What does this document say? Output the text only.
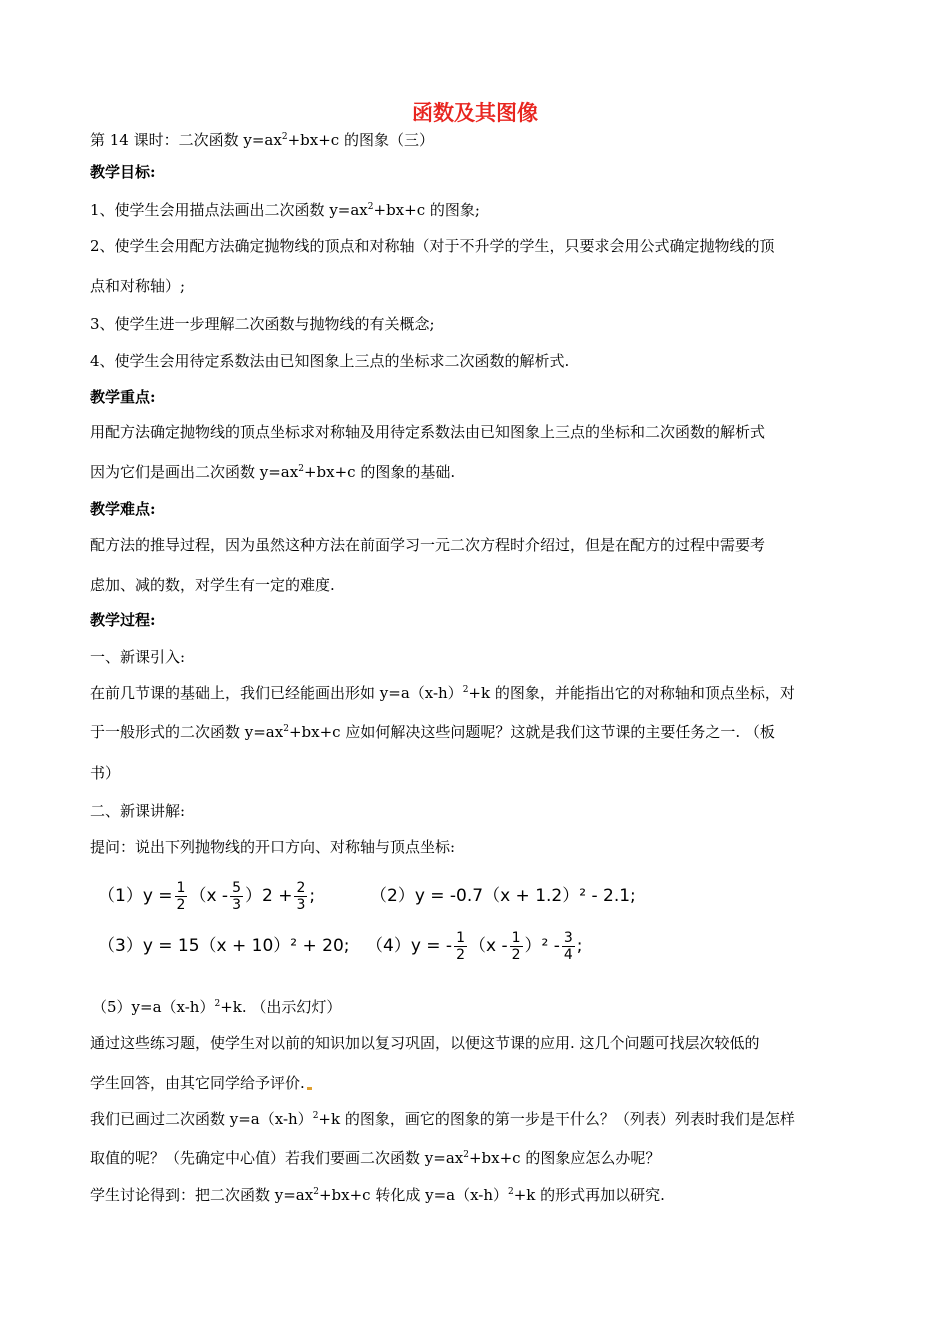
函数及其图像
第 14 课时：二次函数 $y=ax^2+bx+c$ 的图象（三）
教学目标:
1、使学生会用描点法画出二次函数 $y=ax^2+bx+c$ 的图象;
2、使学生会用配方法确定抛物线的顶点和对称轴（对于不升学的学生，只要求会用公式确定抛物线的顶
点和对称轴）;
3、使学生进一步理解二次函数与抛物线的有关概念;
4、使学生会用待定系数法由已知图象上三点的坐标求二次函数的解析式.
教学重点:
用配方法确定抛物线的顶点坐标求对称轴及用待定系数法由已知图象上三点的坐标和二次函数的解析式
因为它们是画出二次函数 $y=ax^2+bx+c$ 的图象的基础.
教学难点:
配方法的推导过程，因为虽然这种方法在前面学习一元二次方程时介绍过，但是在配方的过程中需要考
虑加、减的数，对学生有一定的难度.
教学过程:
一、新课引入:
在前几节课的基础上，我们已经能画出形如 $y=a(x-h)^2+k$ 的图象，并能指出它的对称轴和顶点坐标，对
于一般形式的二次函数 $y=ax^2+bx+c$ 应如何解决这些问题呢？这就是我们这节课的主要任务之一. （板
书）
二、新课讲解:
提问：说出下列抛物线的开口方向、对称轴与顶点坐标:
$(1)y = \frac{1}{2} (x - \frac{5}{3} )2 + \frac{2}{3}$ ;	（2）y = -0.7（x + 1.2）² - 2.1;
（3）y = 15（x + 10）² + 20; （4）y = - $\frac{1}{2} (x - \frac{1}{2} )^2 - \frac{3}{4}$ ;
$(5)y=a(x-h)^2+k$. （出示幻灯）
通过这些练习题，使学生对以前的知识加以复习巩固，以便这节课的应用. 这几个问题可找层次较低的
学生回答，由其它同学给予评价.
我们已画过二次函数 $y=a(x-h)^2+k$ 的图象，画它的图象的第一步是干什么？（列表）列表时我们是怎样
取值的呢？（先确定中心值）若我们要画二次函数 $y=ax^2+bx+c$ 的图象应怎么办呢？
学生讨论得到：把二次函数 $y=ax^2+bx+c$ 转化成 $y=a(x-h)^2+k$ 的形式再加以研究.
